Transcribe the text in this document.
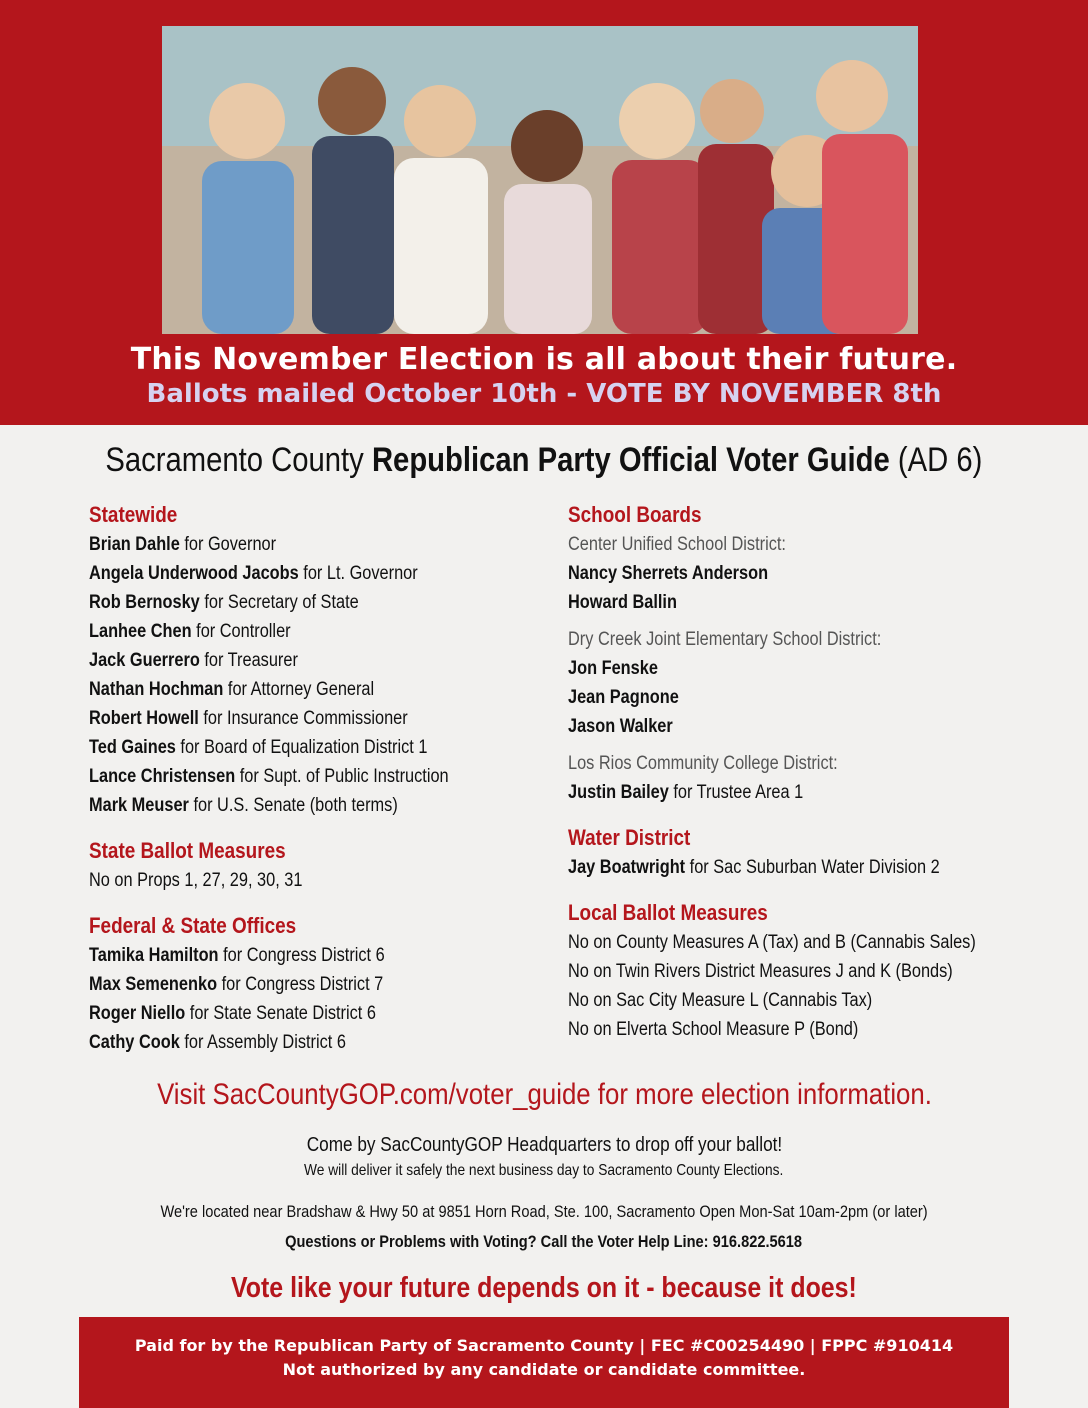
This November Election is all about their future.
Ballots mailed October 10th - VOTE BY NOVEMBER 8th
Sacramento County Republican Party Official Voter Guide (AD 6)
Statewide
Brian Dahle for Governor
Angela Underwood Jacobs for Lt. Governor
Rob Bernosky for Secretary of State
Lanhee Chen for Controller
Jack Guerrero for Treasurer
Nathan Hochman for Attorney General
Robert Howell for Insurance Commissioner
Ted Gaines for Board of Equalization District 1
Lance Christensen for Supt. of Public Instruction
Mark Meuser for U.S. Senate (both terms)
State Ballot Measures
No on Props 1, 27, 29, 30, 31
Federal & State Offices
Tamika Hamilton for Congress District 6
Max Semenenko for Congress District 7
Roger Niello for State Senate District 6
Cathy Cook for Assembly District 6
School Boards
Center Unified School District:
Nancy Sherrets Anderson
Howard Ballin
Dry Creek Joint Elementary School District:
Jon Fenske
Jean Pagnone
Jason Walker
Los Rios Community College District:
Justin Bailey for Trustee Area 1
Water District
Jay Boatwright for Sac Suburban Water Division 2
Local Ballot Measures
No on County Measures A (Tax) and B (Cannabis Sales)
No on Twin Rivers District Measures J and K (Bonds)
No on Sac City Measure L (Cannabis Tax)
No on Elverta School Measure P (Bond)
Visit SacCountyGOP.com/voter_guide for more election information.
Come by SacCountyGOP Headquarters to drop off your ballot!
We will deliver it safely the next business day to Sacramento County Elections.
We're located near Bradshaw & Hwy 50 at 9851 Horn Road, Ste. 100, Sacramento Open Mon-Sat 10am-2pm (or later)
Questions or Problems with Voting? Call the Voter Help Line: 916.822.5618
Vote like your future depends on it - because it does!
Paid for by the Republican Party of Sacramento County | FEC #C00254490 | FPPC #910414
Not authorized by any candidate or candidate committee.
